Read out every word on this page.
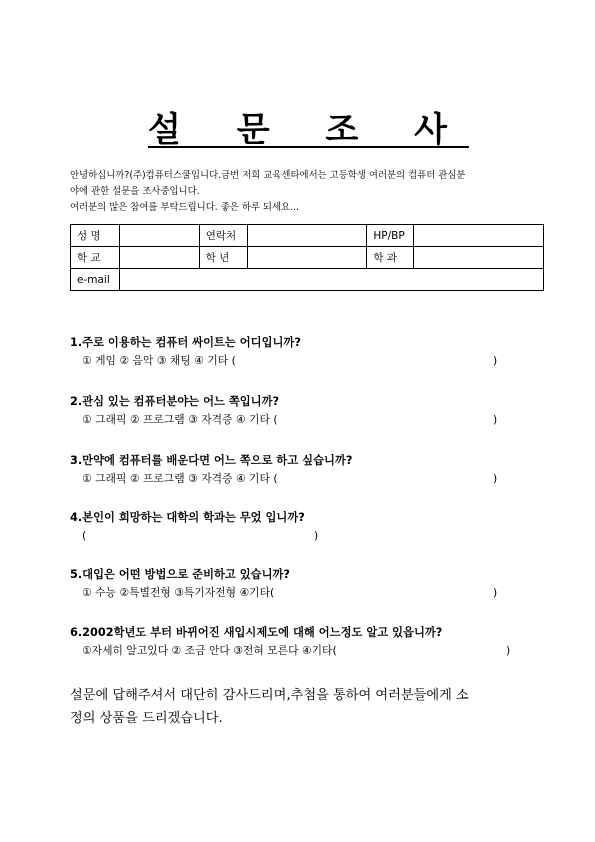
설 문 조 사

안녕하십니까?(주)컴퓨터스쿨입니다.금번 저희 교육센타에서는 고등학생 여러분의 컴퓨터 관심분

야에 관한 설문을 조사중입니다.

여러분의 많은 참여를 부탁드립니다. 좋은 하루 되세요...

성 명		연락처		HP/BP	
학 교		학 년		학 과	
e-mail					
1.주로 이용하는 컴퓨터 싸이트는 어디입니까?
① 게임 ② 음악 ③ 채팅 ④ 기타 (	)
2.관심 있는 컴퓨터분야는 어느 쪽입니까?
① 그래픽 ② 프로그램 ③ 자격증 ④ 기타 (	)
3.만약에 컴퓨터를 배운다면 어느 쪽으로 하고 싶습니까?
① 그래픽 ② 프로그램 ③ 자격증 ④ 기타 (	)
4.본인이 희망하는 대학의 학과는 무었 입니까?
(	)
5.대입은 어떤 방법으로 준비하고 있습니까?
① 수능 ②특별전형 ③특기자전형 ④기타(	)
6.2002학년도 부터 바뀌어진 새입시제도에 대해 어느정도 알고 있읍니까?
①자세히 알고있다 ② 조금 안다 ③전혀 모른다 ④기타(	)

설문에 답해주셔서 대단히 감사드리며,추첨을 통하여 여러분들에게 소

정의 상품을 드리겠습니다.
